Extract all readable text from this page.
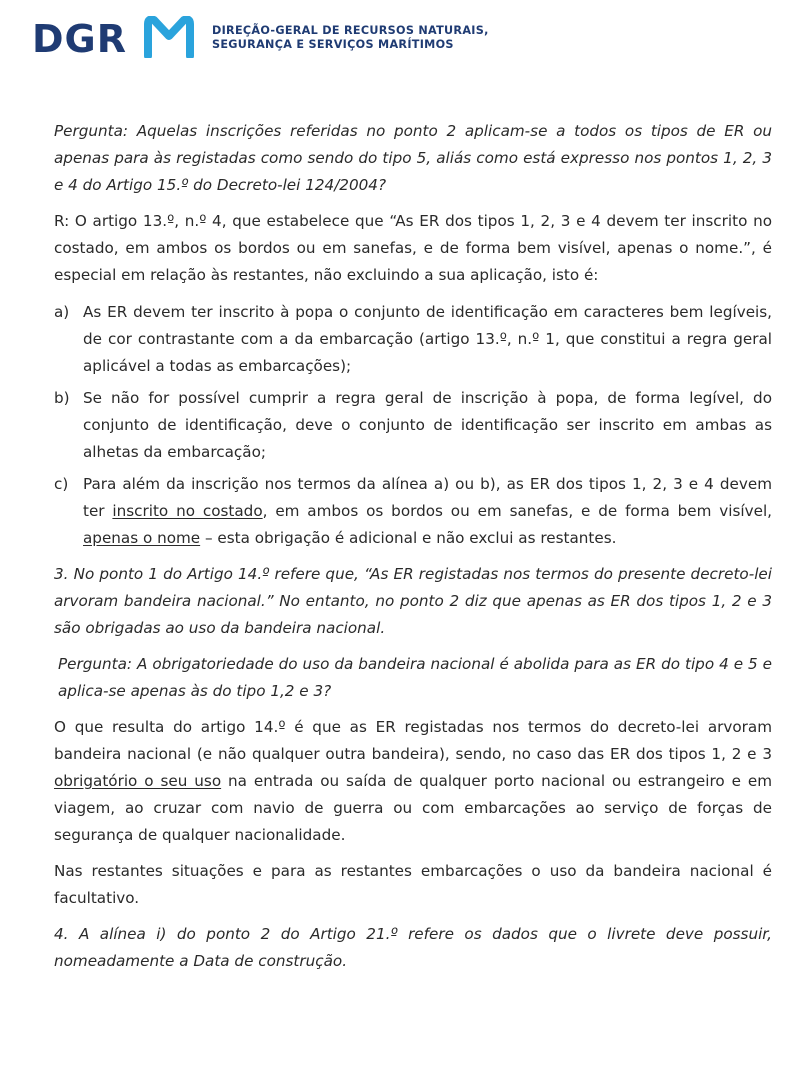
DGR	DIREÇÃO-GERAL DE RECURSOS NATURAIS,
SEGURANÇA E SERVIÇOS MARÍTIMOS

Pergunta: Aquelas inscrições referidas no ponto 2 aplicam-se a todos os tipos de ER ou apenas para às registadas como sendo do tipo 5, aliás como está expresso nos pontos 1, 2, 3 e 4 do Artigo 15.º do Decreto-lei 124/2004?

R: O artigo 13.º, n.º 4, que estabelece que “As ER dos tipos 1, 2, 3 e 4 devem ter inscrito no costado, em ambos os bordos ou em sanefas, e de forma bem visível, apenas o nome.”, é especial em relação às restantes, não excluindo a sua aplicação, isto é:

a) As ER devem ter inscrito à popa o conjunto de identificação em caracteres bem legíveis, de cor contrastante com a da embarcação (artigo 13.º, n.º 1, que constitui a regra geral aplicável a todas as embarcações);

b) Se não for possível cumprir a regra geral de inscrição à popa, de forma legível, do conjunto de identificação, deve o conjunto de identificação ser inscrito em ambas as alhetas da embarcação;

c) Para além da inscrição nos termos da alínea a) ou b), as ER dos tipos 1, 2, 3 e 4 devem ter inscrito no costado, em ambos os bordos ou em sanefas, e de forma bem visível, apenas o nome – esta obrigação é adicional e não exclui as restantes.

3. No ponto 1 do Artigo 14.º refere que, “As ER registadas nos termos do presente decreto-lei arvoram bandeira nacional.” No entanto, no ponto 2 diz que apenas as ER dos tipos 1, 2 e 3 são obrigadas ao uso da bandeira nacional.

Pergunta: A obrigatoriedade do uso da bandeira nacional é abolida para as ER do tipo 4 e 5 e aplica-se apenas às do tipo 1,2 e 3?

O que resulta do artigo 14.º é que as ER registadas nos termos do decreto-lei arvoram bandeira nacional (e não qualquer outra bandeira), sendo, no caso das ER dos tipos 1, 2 e 3 obrigatório o seu uso na entrada ou saída de qualquer porto nacional ou estrangeiro e em viagem, ao cruzar com navio de guerra ou com embarcações ao serviço de forças de segurança de qualquer nacionalidade.

Nas restantes situações e para as restantes embarcações o uso da bandeira nacional é facultativo.

4. A alínea i) do ponto 2 do Artigo 21.º refere os dados que o livrete deve possuir, nomeadamente a Data de construção.
